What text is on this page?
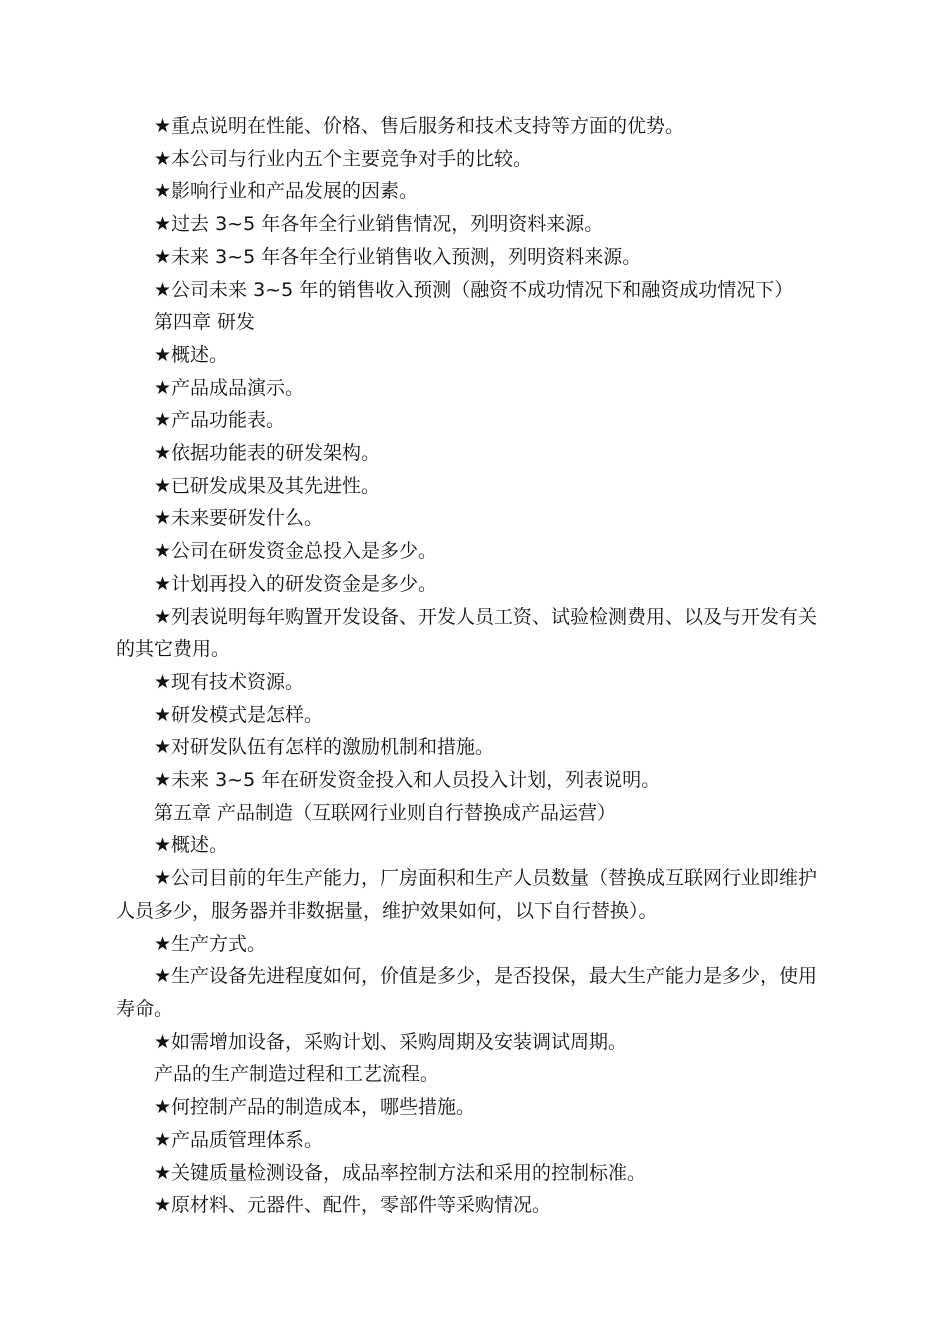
★重点说明在性能、价格、售后服务和技术支持等方面的优势。

★本公司与行业内五个主要竞争对手的比较。

★影响行业和产品发展的因素。

★过去 3~5 年各年全行业销售情况，列明资料来源。

★未来 3~5 年各年全行业销售收入预测，列明资料来源。

★公司未来 3~5 年的销售收入预测（融资不成功情况下和融资成功情况下）

第四章 研发

★概述。

★产品成品演示。

★产品功能表。

★依据功能表的研发架构。

★已研发成果及其先进性。

★未来要研发什么。

★公司在研发资金总投入是多少。

★计划再投入的研发资金是多少。

★列表说明每年购置开发设备、开发人员工资、试验检测费用、以及与开发有关的其它费用。

★现有技术资源。

★研发模式是怎样。

★对研发队伍有怎样的激励机制和措施。

★未来 3~5 年在研发资金投入和人员投入计划，列表说明。

第五章 产品制造（互联网行业则自行替换成产品运营）

★概述。

★公司目前的年生产能力，厂房面积和生产人员数量（替换成互联网行业即维护人员多少，服务器并非数据量，维护效果如何，以下自行替换）。

★生产方式。

★生产设备先进程度如何，价值是多少，是否投保，最大生产能力是多少，使用寿命。

★如需增加设备，采购计划、采购周期及安装调试周期。

产品的生产制造过程和工艺流程。

★何控制产品的制造成本，哪些措施。

★产品质管理体系。

★关键质量检测设备，成品率控制方法和采用的控制标准。

★原材料、元器件、配件，零部件等采购情况。
